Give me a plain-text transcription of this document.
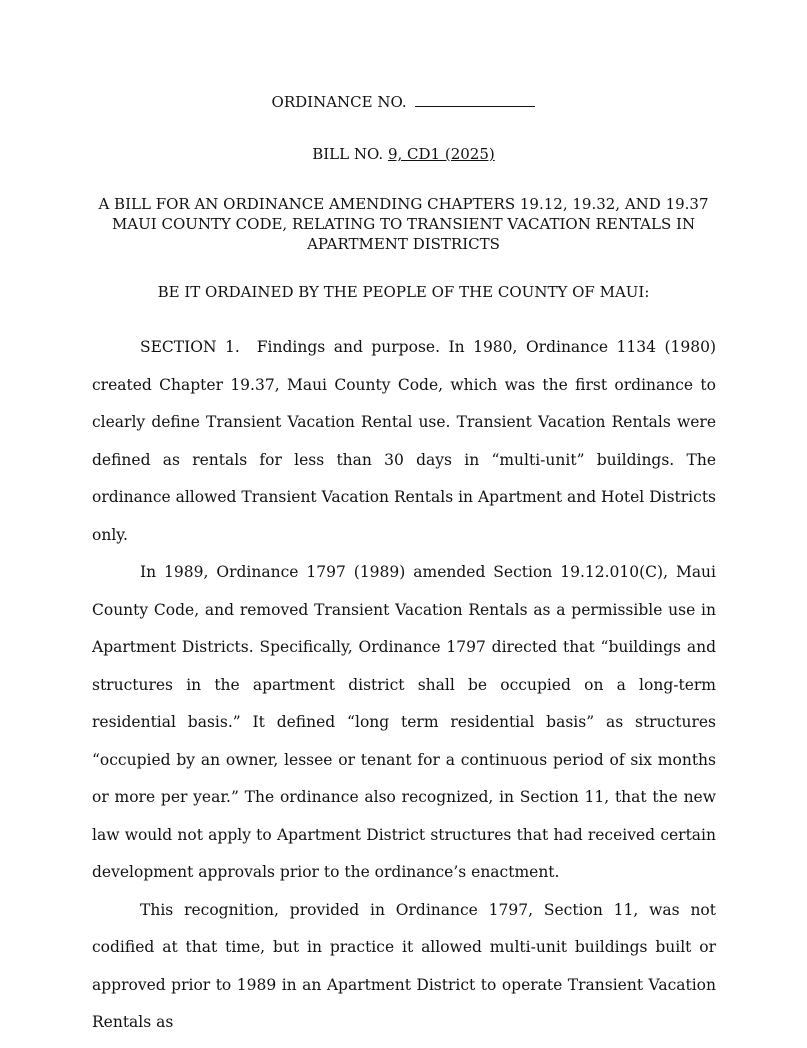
ORDINANCE NO.

BILL NO. 9, CD1 (2025)

A BILL FOR AN ORDINANCE AMENDING CHAPTERS 19.12, 19.32, AND 19.37
MAUI COUNTY CODE, RELATING TO TRANSIENT VACATION RENTALS IN
APARTMENT DISTRICTS

BE IT ORDAINED BY THE PEOPLE OF THE COUNTY OF MAUI:

SECTION 1.  Findings and purpose. In 1980, Ordinance 1134 (1980) created Chapter 19.37, Maui County Code, which was the first ordinance to clearly define Transient Vacation Rental use. Transient Vacation Rentals were defined as rentals for less than 30 days in “multi-unit” buildings. The ordinance allowed Transient Vacation Rentals in Apartment and Hotel Districts only.

In 1989, Ordinance 1797 (1989) amended Section 19.12.010(C), Maui County Code, and removed Transient Vacation Rentals as a permissible use in Apartment Districts. Specifically, Ordinance 1797 directed that “buildings and structures in the apartment district shall be occupied on a long-term residential basis.” It defined “long term residential basis” as structures “occupied by an owner, lessee or tenant for a continuous period of six months or more per year.” The ordinance also recognized, in Section 11, that the new law would not apply to Apartment District structures that had received certain development approvals prior to the ordinance’s enactment.

This recognition, provided in Ordinance 1797, Section 11, was not codified at that time, but in practice it allowed multi-unit buildings built or approved prior to 1989 in an Apartment District to operate Transient Vacation Rentals as
